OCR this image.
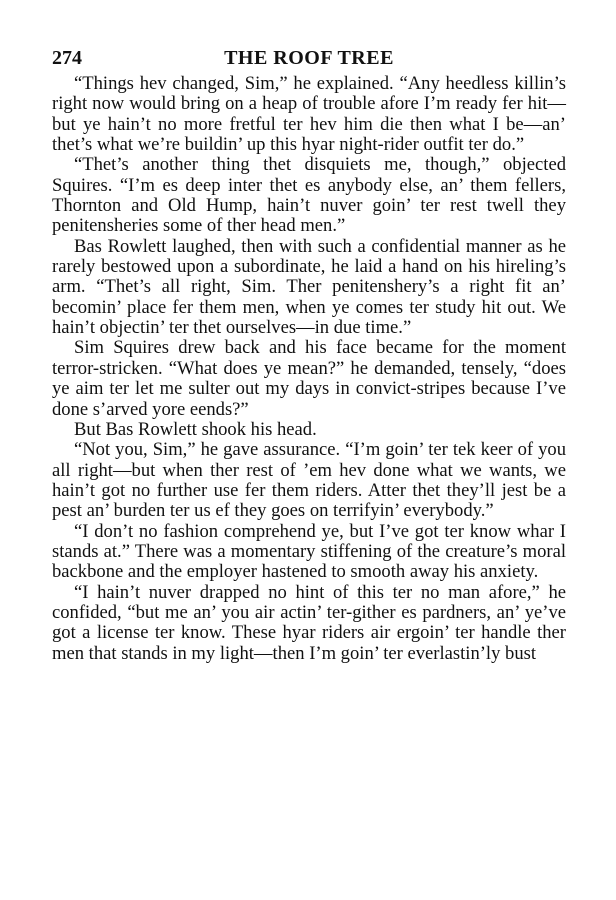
274	THE ROOF TREE

“Things hev changed, Sim,” he explained. “Any heedless killin’s right now would bring on a heap of trouble afore I’m ready fer hit—but ye hain’t no more fretful ter hev him die then what I be—an’ thet’s what we’re buildin’ up this hyar night-rider outfit ter do.”

“Thet’s another thing thet disquiets me, though,” objected Squires. “I’m es deep inter thet es anybody else, an’ them fellers, Thornton and Old Hump, hain’t nuver goin’ ter rest twell they penitensheries some of ther head men.”

Bas Rowlett laughed, then with such a confidential manner as he rarely bestowed upon a subordinate, he laid a hand on his hireling’s arm. “Thet’s all right, Sim. Ther penitenshery’s a right fit an’ becomin’ place fer them men, when ye comes ter study hit out. We hain’t objectin’ ter thet ourselves—in due time.”

Sim Squires drew back and his face became for the moment terror-stricken. “What does ye mean?” he demanded, tensely, “does ye aim ter let me sulter out my days in convict-stripes because I’ve done s’arved yore eends?”

But Bas Rowlett shook his head.

“Not you, Sim,” he gave assurance. “I’m goin’ ter tek keer of you all right—but when ther rest of ’em hev done what we wants, we hain’t got no further use fer them riders. Atter thet they’ll jest be a pest an’ burden ter us ef they goes on terrifyin’ everybody.”

“I don’t no fashion comprehend ye, but I’ve got ter know whar I stands at.” There was a momentary stiffening of the creature’s moral backbone and the employer hastened to smooth away his anxiety.

“I hain’t nuver drapped no hint of this ter no man afore,” he confided, “but me an’ you air actin’ ter-gither es pardners, an’ ye’ve got a license ter know. These hyar riders air ergoin’ ter handle ther men that stands in my light—then I’m goin’ ter everlastin’ly bust
